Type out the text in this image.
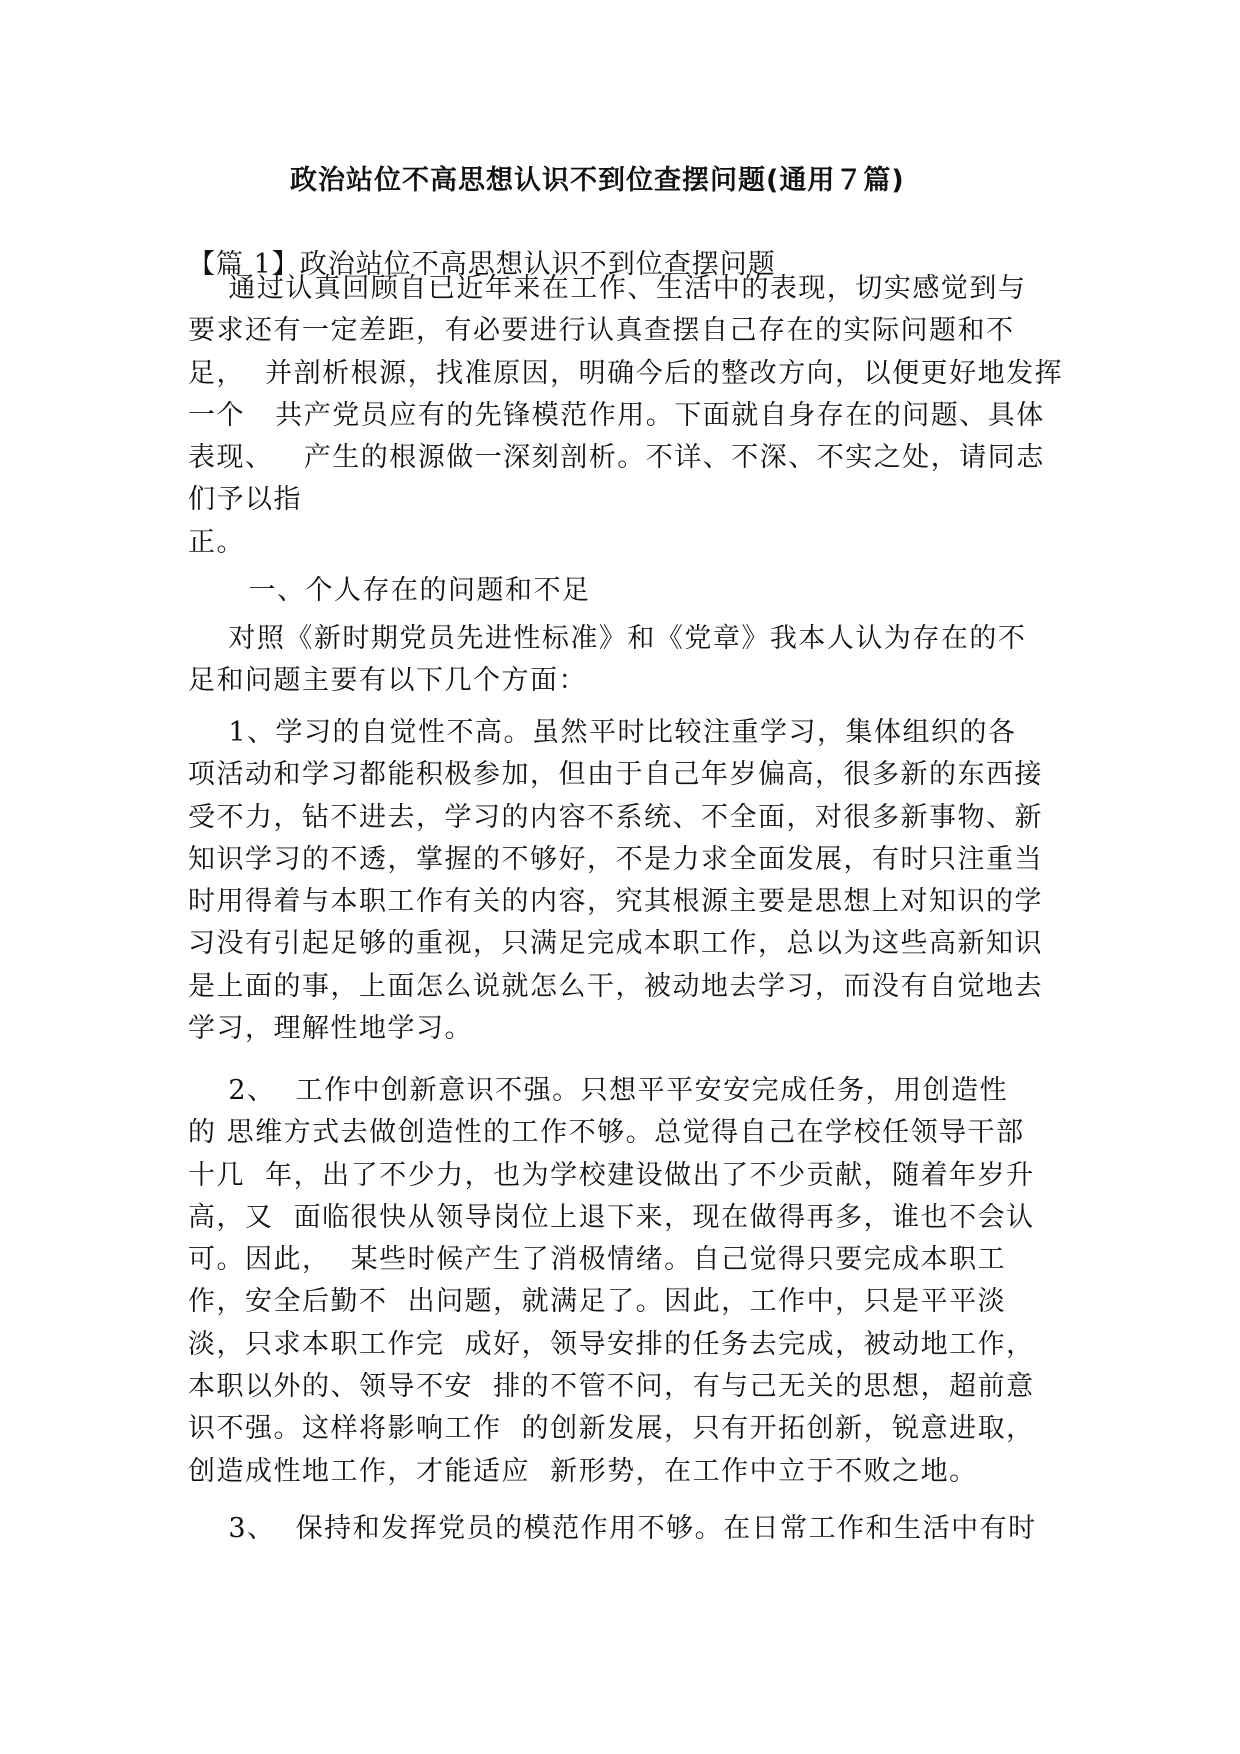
政治站位不高思想认识不到位查摆问题(通用７篇)
【篇 1】政治站位不高思想认识不到位查摆问题
通过认真回顾自已近年来在工作、生活中的表现，切实感觉到与
要求还有一定差距，有必要进行认真查摆自己存在的实际问题和不
足，  并剖析根源，找准原因，明确今后的整改方向，以便更好地发挥
一个   共产党员应有的先锋模范作用。下面就自身存在的问题、具体
表现、   产生的根源做一深刻剖析。不详、不深、不实之处，请同志
们予以指
正。
一、个人存在的问题和不足
对照《新时期党员先进性标准》和《党章》我本人认为存在的不
足和问题主要有以下几个方面：
1、学习的自觉性不高。虽然平时比较注重学习，集体组织的各
项活动和学习都能积极参加，但由于自己年岁偏高，很多新的东西接
受不力，钻不进去，学习的内容不系统、不全面，对很多新事物、新
知识学习的不透，掌握的不够好，不是力求全面发展，有时只注重当
时用得着与本职工作有关的内容，究其根源主要是思想上对知识的学
习没有引起足够的重视，只满足完成本职工作，总以为这些高新知识
是上面的事，上面怎么说就怎么干，被动地去学习，而没有自觉地去
学习，理解性地学习。
2、  工作中创新意识不强。只想平平安安完成任务，用创造性
的 思维方式去做创造性的工作不够。总觉得自己在学校任领导干部
十几  年，出了不少力，也为学校建设做出了不少贡献，随着年岁升
高，又  面临很快从领导岗位上退下来，现在做得再多，谁也不会认
可。因此，  某些时候产生了消极情绪。自己觉得只要完成本职工
作，安全后勤不  出问题，就满足了。因此，工作中，只是平平淡
淡，只求本职工作完  成好，领导安排的任务去完成，被动地工作，
本职以外的、领导不安  排的不管不问，有与己无关的思想，超前意
识不强。这样将影响工作  的创新发展，只有开拓创新，锐意进取，
创造成性地工作，才能适应  新形势，在工作中立于不败之地。
3、  保持和发挥党员的模范作用不够。在日常工作和生活中有时
